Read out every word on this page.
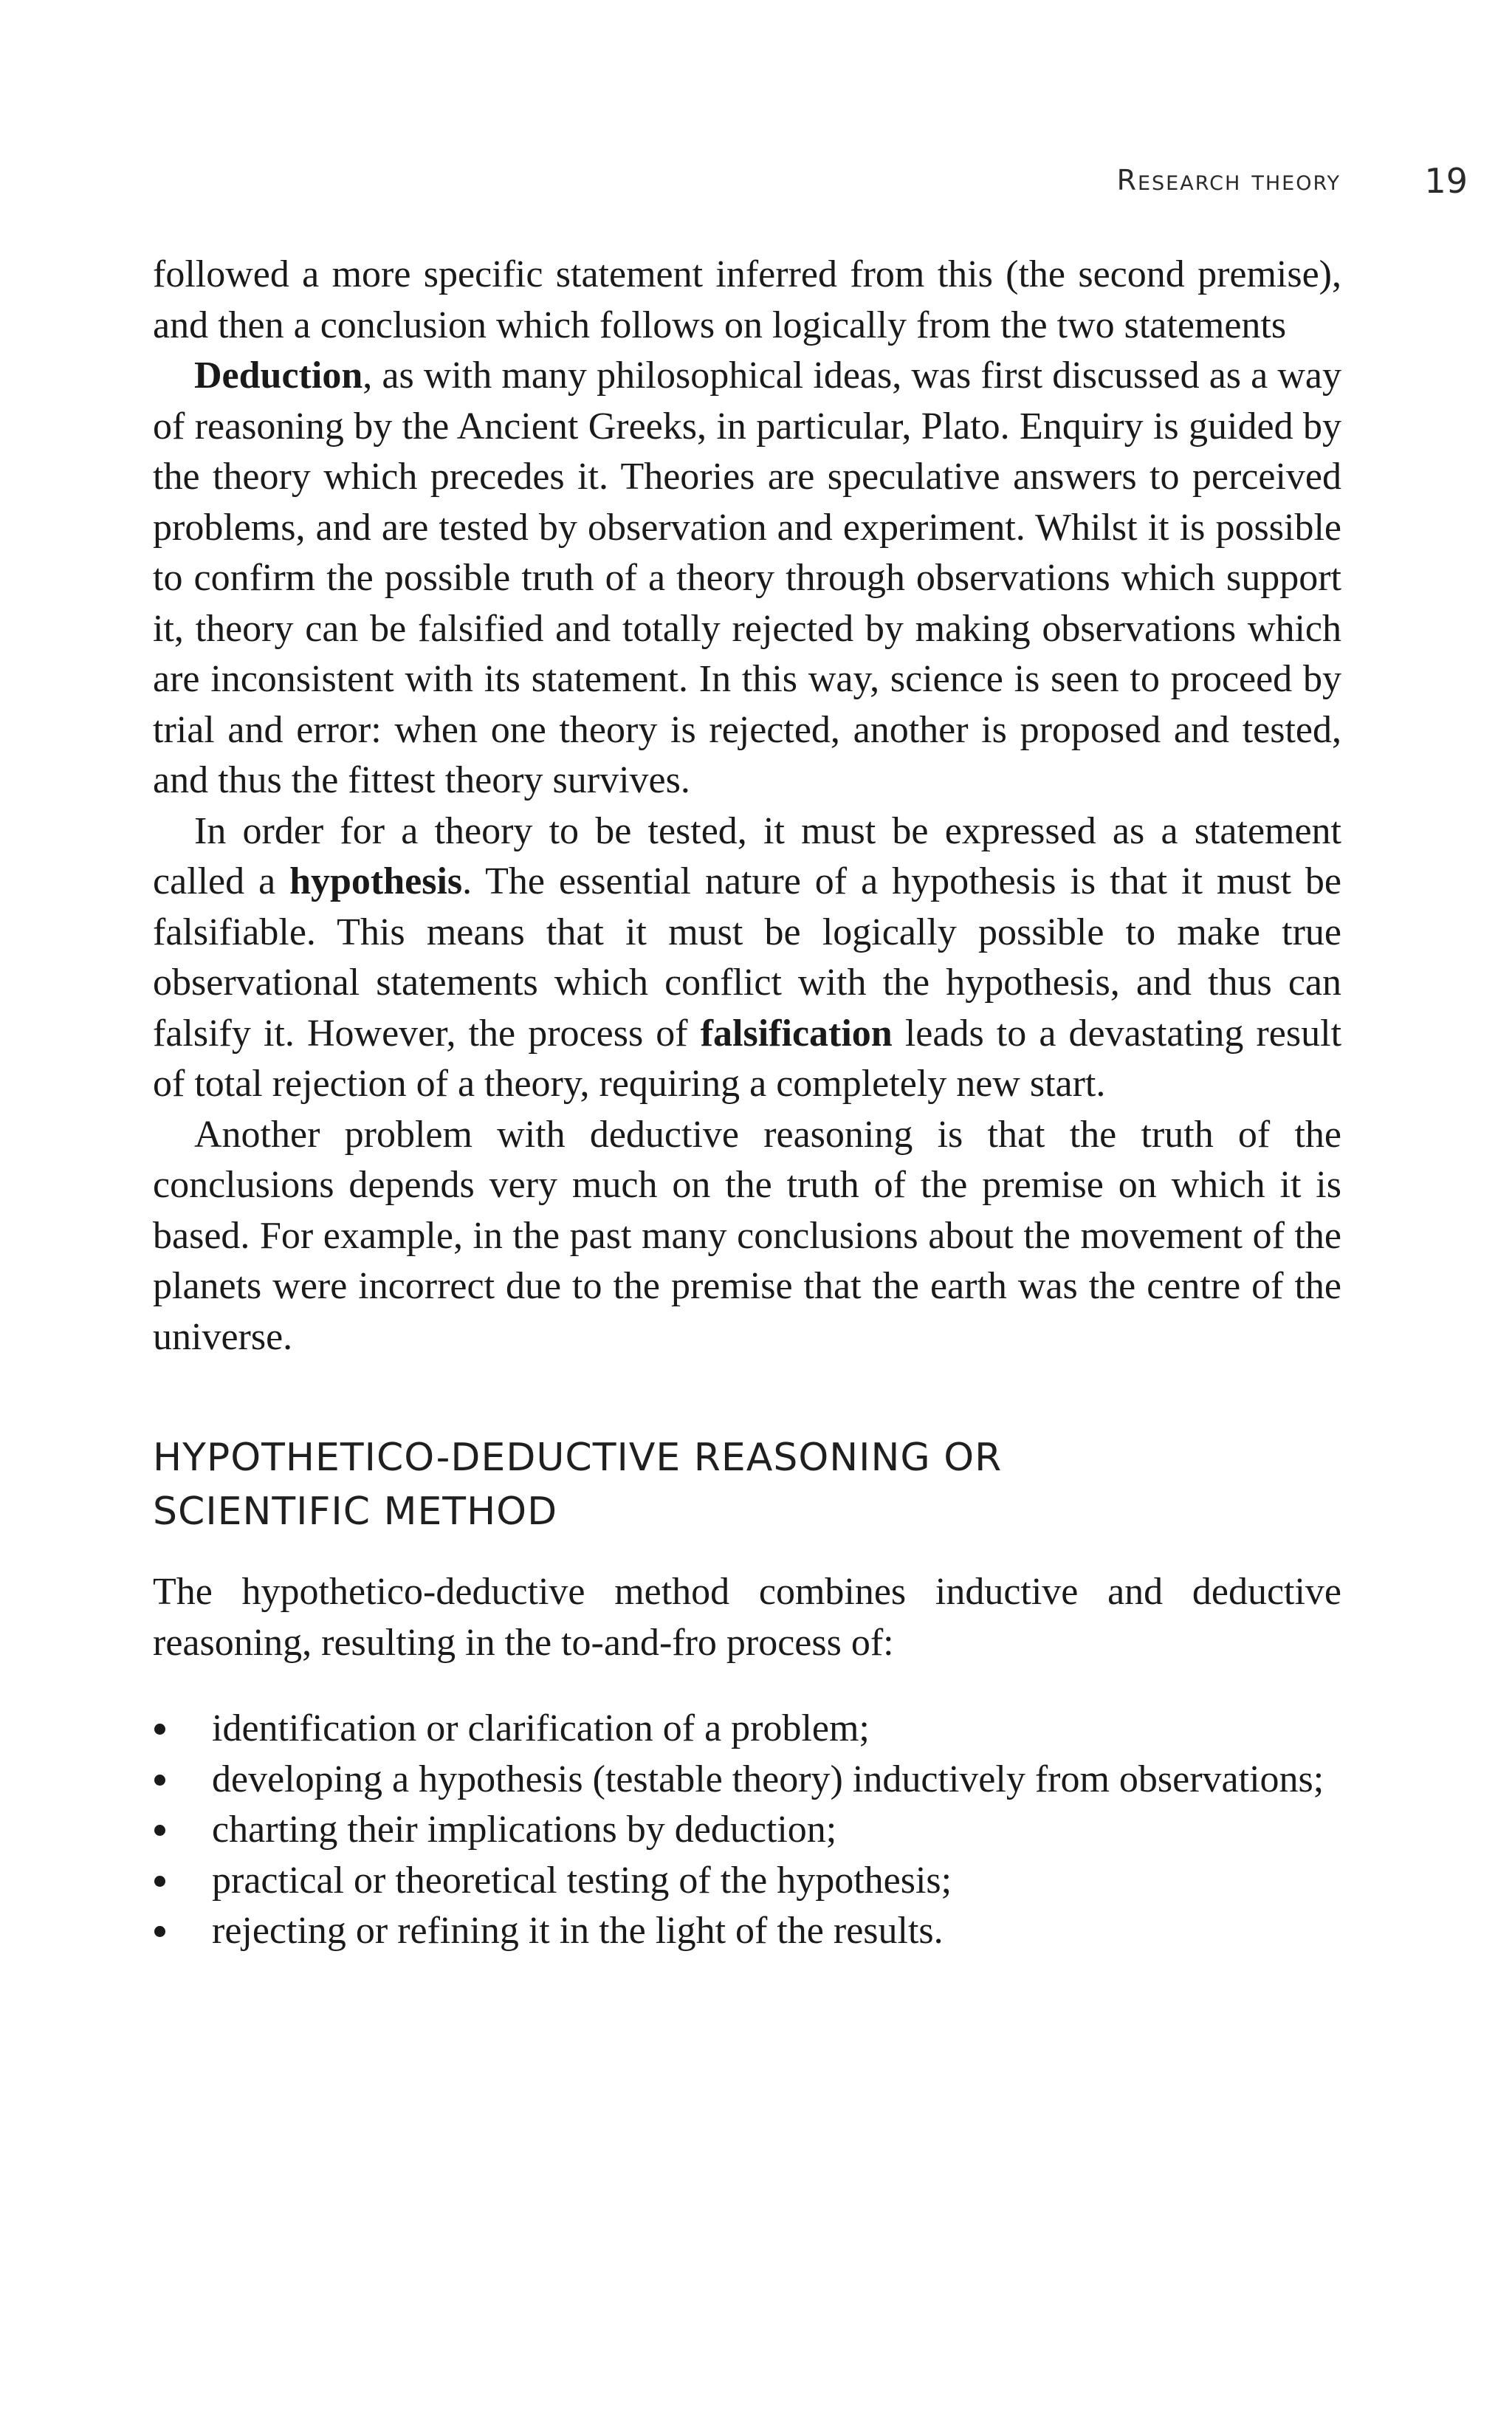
Research theory 19

followed a more specific statement inferred from this (the second premise), and then a conclusion which follows on logically from the two statements

Deduction, as with many philosophical ideas, was first discussed as a way of reasoning by the Ancient Greeks, in particular, Plato. Enquiry is guided by the theory which precedes it. Theories are speculative answers to perceived problems, and are tested by observation and experiment. Whilst it is possible to confirm the possible truth of a theory through observations which support it, theory can be falsified and totally rejected by making observations which are inconsistent with its statement. In this way, science is seen to proceed by trial and error: when one theory is rejected, another is proposed and tested, and thus the fittest theory survives.

In order for a theory to be tested, it must be expressed as a statement called a hypothesis. The essential nature of a hypothesis is that it must be falsifiable. This means that it must be logically possible to make true observational statements which conflict with the hypothesis, and thus can falsify it. However, the process of falsification leads to a devastating result of total rejection of a theory, requiring a completely new start.

Another problem with deductive reasoning is that the truth of the conclusions depends very much on the truth of the premise on which it is based. For example, in the past many conclusions about the movement of the planets were incorrect due to the premise that the earth was the centre of the universe.

HYPOTHETICO-DEDUCTIVE REASONING OR
SCIENTIFIC METHOD

The hypothetico-deductive method combines inductive and deductive reasoning, resulting in the to-and-fro process of:

identification or clarification of a problem;
developing a hypothesis (testable theory) inductively from observations;
charting their implications by deduction;
practical or theoretical testing of the hypothesis;
rejecting or refining it in the light of the results.
